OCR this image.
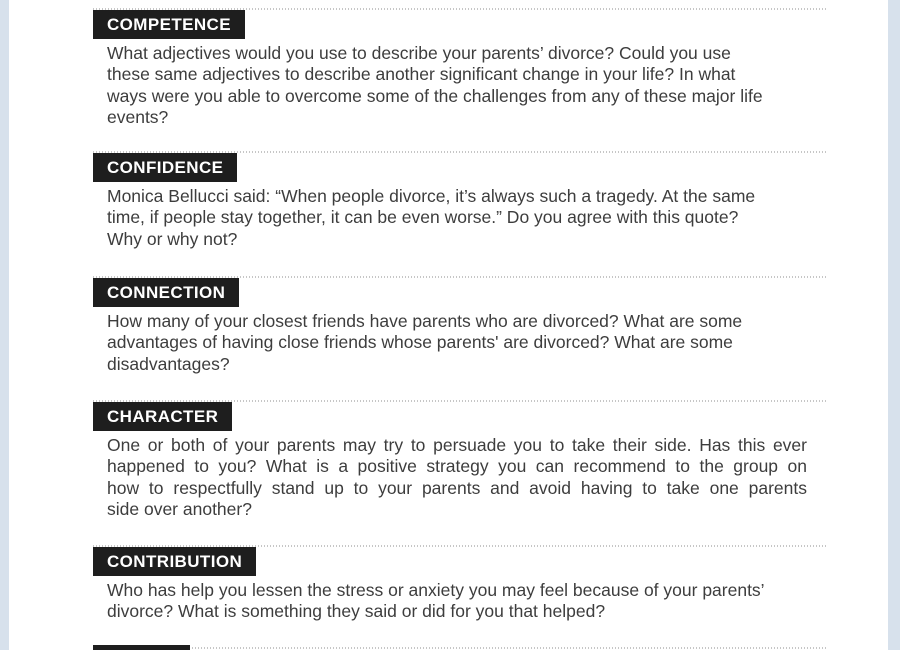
COMPETENCE
What adjectives would you use to describe your parents’ divorce? Could you use
these same adjectives to describe another significant change in your life? In what
ways were you able to overcome some of the challenges from any of these major life
events?
CONFIDENCE
Monica Bellucci said: “When people divorce, it’s always such a tragedy. At the same
time, if people stay together, it can be even worse.” Do you agree with this quote?
Why or why not?
CONNECTION
How many of your closest friends have parents who are divorced? What are some
advantages of having close friends whose parents' are divorced? What are some
disadvantages?
CHARACTER
One or both of your parents may try to persuade you to take their side. Has this ever
happened to you? What is a positive strategy you can recommend to the group on
how to respectfully stand up to your parents and avoid having to take one parents
side over another?
CONTRIBUTION
Who has help you lessen the stress or anxiety you may feel because of your parents’
divorce? What is something they said or did for you that helped?
